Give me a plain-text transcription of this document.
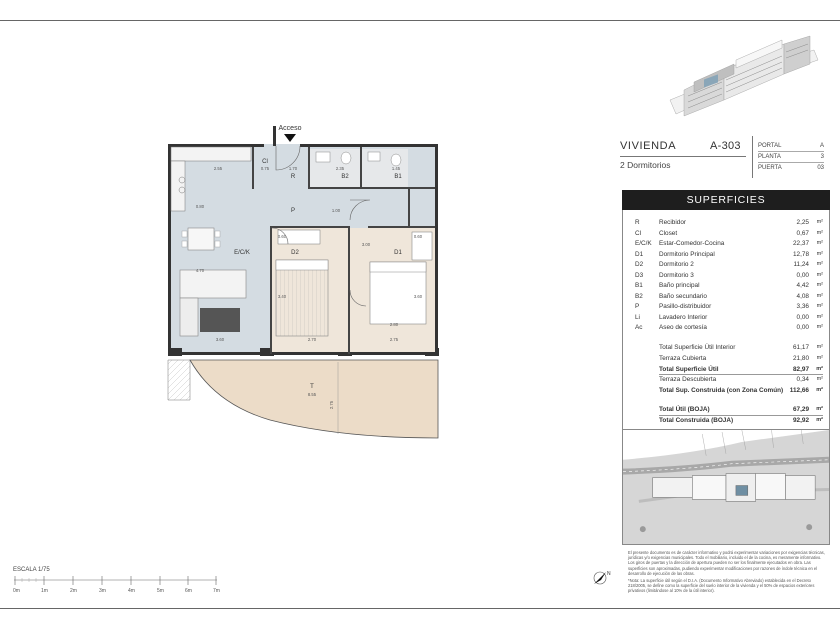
Acceso
Cl
R	B2	B1
P
E/C/K	D2	D1
T
0.75	1.70	2.35	1.45
2.55
1.00
0.80
4.70
0.60
3.40
3.00
0.60
3.60
2.80
3.60	2.70	2.75
8.55
2.75
VIVIENDA	A-303
2 Dormitorios
PORTAL	A
PLANTA	3
PUERTA	03
SUPERFICIES
R	Recibidor	2,25 m²
Cl	Closet	0,67 m²
E/C/K Estar-Comedor-Cocina	22,37 m²
D1 Dormitorio Principal	12,78 m²
D2 Dormitorio 2	11,24 m²
D3 Dormitorio 3	0,00 m²
B1	Baño principal	4,42 m²
B2	Baño secundario	4,08 m²
P	Pasillo-distribuidor	3,36 m²
Li	Lavadero Interior	0,00 m²
Ac	Aseo de cortesía	0,00 m²
Total Superficie Útil Interior	61,17 m²
Terraza Cubierta	21,80 m²
Total Superficie Útil	82,97 m²
Terraza Descubierta	0,34 m²
Total Sup. Construida (con Zona Común) 112,66 m²
Total Útil (BOJA)	67,29 m²
Total Construida (BOJA)	92,92 m²

El presente documento es de carácter informativo y podrá experimentar variaciones por exigencias técnicas, jurídicas y/o exigencias municipales. Todo el mobiliario, incluido el de la cocina, es meramente informativo. Los giros de puertas y la dirección de apertura pueden no ser los finalmente ejecutados en obra. Las superficies son aproximadas, pudiendo experimentar modificaciones por razones de índole técnica en el desarrollo de ejecución de las obras.

*Nota: La superficie útil según el D.I.A. (Documento Informativo Abreviado) establecida en el Decreto 218/2005, se define como la superficie del suelo interior de la vivienda y el 50% de espacios exteriores privativos (limitándose al 10% de la útil interior).

N
ESCALA 1/75
0m	1m	2m	3m	4m	5m	6m	7m
